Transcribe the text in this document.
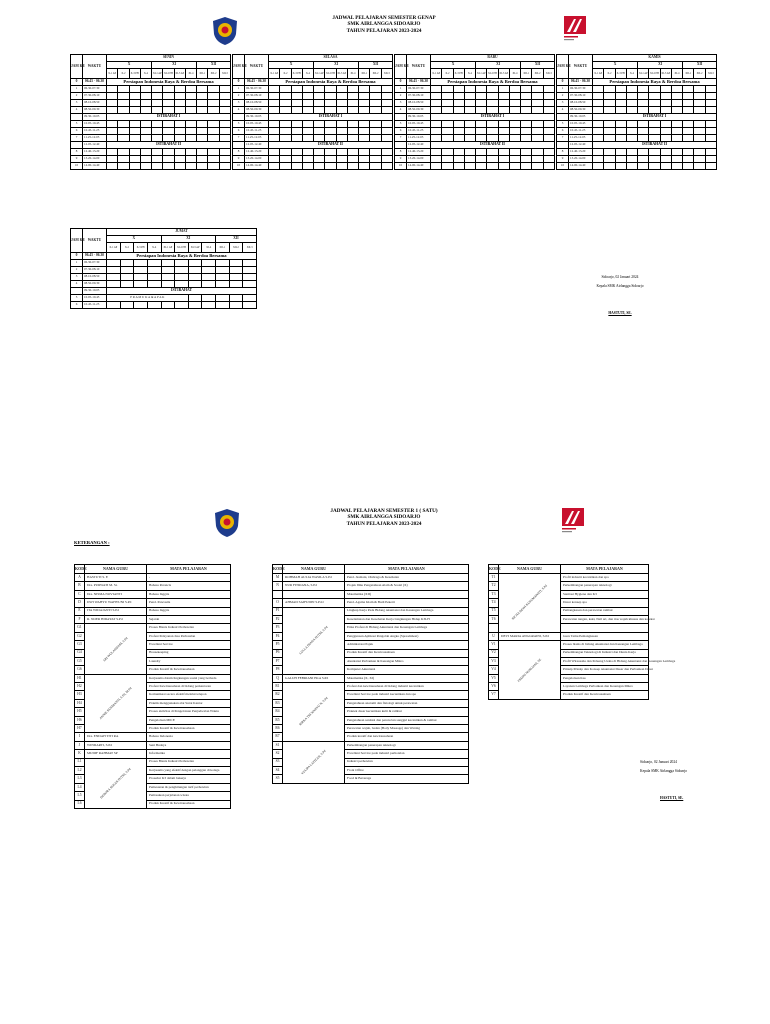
JADWAL PELAJARAN SEMESTER GENAP
SMK AIRLANGGA SIDOARJO
TAHUN PELAJARAN 2023-2024
JAM KE	WAKTU	SENIN										
		X				XI				XII		
		X-1 AP	X-2	X-3 PH	X-4	XI-1 AP	XI-2 PH	XI-3 AP	XI-4	XII-1	XII-2	XII-3

0	06.45 - 06.30	Persiapan Indonesia Raya & Berdoa Bersama										
1	06.30-07.30											
2	07.30-08.10											
3	08.10-08.50											
4	08.50-09.30											
	09.30-10.05	ISTIRAHAT I										
5	10.05-10.45											
6	10.45-11.25											
7	11.25-12.05											
	12.05-12.40	ISTIRAHAT II										
8	12.40-13.20											
9	13.20-14.00											
10	14.00-14.40											
JAM KE	WAKTU	SELASA										
		X				XI				XII		
		X-1 AP	X-2	X-3 PH	X-4	XI-1 AP	XI-2 PH	XI-3 AP	XI-4	XII-1	XII-2	XII-3

0	06.45 - 06.30	Persiapan Indonesia Raya & Berdoa Bersama										
1	06.30-07.30											
2	07.30-08.10											
3	08.10-08.50											
4	08.50-09.30											
	09.30-10.05	ISTIRAHAT I										
5	10.05-10.45											
6	10.45-11.25											
7	11.25-12.05											
	12.05-12.40	ISTIRAHAT II										
8	12.40-13.20											
9	13.20-14.00											
10	14.00-14.40											
JAM KE	WAKTU	RABU										
		X				XI				XII		
		X-1 AP	X-2	X-3 PH	X-4	XI-1 AP	XI-2 PH	XI-3 AP	XI-4	XII-1	XII-2	XII-3

0	06.45 - 06.30	Persiapan Indonesia Raya & Berdoa Bersama										
1	06.30-07.30											
2	07.30-08.10											
3	08.10-08.50											
4	08.50-09.30											
	09.30-10.05	ISTIRAHAT I										
5	10.05-10.45											
6	10.45-11.25											
7	11.25-12.05											
	12.05-12.40	ISTIRAHAT II										
8	12.40-13.20											
9	13.20-14.00											
10	14.00-14.40											
JAM KE	WAKTU	KAMIS										
		X				XI				XII		
		X-1 AP	X-2	X-3 PH	X-4	XI-1 AP	XI-2 PH	XI-3 AP	XI-4	XII-1	XII-2	XII-3

0	06.45 - 06.30	Persiapan Indonesia Raya & Berdoa Bersama										
1	06.30-07.30											
2	07.30-08.10											
3	08.10-08.50											
4	08.50-09.30											
	09.30-10.05	ISTIRAHAT I										
5	10.05-10.45											
6	10.45-11.25											
7	11.25-12.05											
	12.05-12.40	ISTIRAHAT II										
8	12.40-13.20											
9	13.20-14.00											
10	14.00-14.40											
JAM KE	WAKTU	JUMAT										
		X				XI				XII		
		X-1 AP	X-2	X-3 PH	X-4	XI-1 AP	XI-2 PH	XI-3 AP	XI-4	XII-1	XII-2	XII-3
0	06.45 - 06.30	Persiapan Indonesia Raya & Berdoa Bersama										
1	06.30-07.30											
2	07.30-08.10											
3	08.10-08.50											
4	08.50-09.30											
	09.30-10.05	ISTIRAHAT										
5	10.05-10.45	P R A M U K A & A P A K										
6	10.45-11.25											
Sidoarjo, 02 Januari 2024
Kepala SMK Airlangga Sidoarjo
HASTUTI, SE.
JADWAL PELAJARAN SEMESTER 1 ( SATU)
SMK AIRLANGGA SIDOARJO
TAHUN PELAJARAN 2023-2024
KETERANGAN :
KODE	NAMA GURU	MATA PELAJARAN
A	HASTUTI S. E	-
B	Dra. PURWATI M. Si.	Bahasa Perancis
C	Dra. NISMA NOVIANTI	Bahasa Inggris
D	DWI WAHYU WAHYUNI S.Pd	Pend. Pancasila
E	ITA WIDAJANTI S.Pd	Bahasa Inggris
F	R. NOER HIDAYAT S.Pd	Sejarah
G1	SRI WULANDARI, S.Pd	Proses Bisnis Industri Perhotelan
G2		Profesi Pelayanan Jasa Perhotelan
G3		Excellent Service
G4		Housekeeping
G5		Laundry
G6		Produk Kreatif & Kewirausahaan
H1	ANNIE RUSDIANTI, S.Pd, M.Pd	Kerjasama dalam lingkungan sosial yang berbeda
H2		Profesi Kewirausahaan di bidang perkantoran
H3		Komunikasi secara efektif melalui telepon
H4		Praktik menggunakan alat Surat Kantor
H5		Proses aktivitas di Pengelolaan Penjadwalan Waktu
H6		Pengelolaan MICE
H7		Produk Kreatif & Kewirausahaan
I	Dra. ENDAH TITI RA	Bahasa Indonesia
J	WINDARTI, S.Pd	Seni Budaya
K	MUDIF RAHMAT SP	Informatika
L1	DEBORA SEKAR PUTRI, S.Pd	Proses Bisnis Industri Perhotelan
L2		Kerjasama yang efektif dengan pelanggan di kolega
L3		Prosedur K3 dalam bekerja
L4		Pemesanan & penghitungan tarif perhotelan
L5		Pemasukan perjalanan wisata
L6		Produk Kreatif & Kewirausahaan
KODE	NAMA GURU	MATA PELAJARAN
M	ROHMAH AULIA WASILA S.Pd	Pend. Jasmani, Olahraga & Kesehatan
N	NUR FITRIANA, S.Pd	Projek Ilmu Pengetahuan Alam & Sosial (X)
		Matematika (XII)
O	AHMAD SAIFUDIN S.Pd.I	Pend. Agama Islam & Budi Pekerti
P1	LULLA DIANA PUTRI, S.Pd	Lingkup Kerja Pada Bidang Akuntansi dan Keuangan Lembaga
P2		Keselamatan dan Kesehatan Kerja Lingkungan Hidup K3LH
P3		Etika Profesi di Bidang Akuntansi dan Keuangan Lembaga
P4		Penggunaan Aplikasi Pengolah Angka (Spreadsheet)
P5		Administrasi Pajak
P6		Produk Kreatif dan Kewirausahaan
P7		Akuntansi Perbankan & Keuangan Mikro
P8		Komputer Akuntansi
Q	GALUH FEBRIANI EKA S.Pd	Matematika (X, XI)
R1	RIRKA TRI WAHYU N, S.Pd	Profesi dan kewirausahaan di bidang industri kecantikan
R2		Excellent Service pada industri kecantikan dan spa
R3		Pengetahuan anatomi dan fisiologi untuk perawatan
R4		Praktek dasar kecantikan kulit & rambut
R5		Pengetahuan sanitasi dan pencucian sanggul kecantikan & rambut
R6		Perawatan wajah, badan (Body Massage) dan Waxing
R7		Produk kreatif dan kewirausahaan
S1	YULIPA LAZIZAH, S.Pd	Perkembangan penerapan teknologi
S2		Excellent Service pada industri perhotelan
S3		Industri perhotelan
S4		Front Office
S5		Food & Beverage
KODE	NAMA GURU	MATA PELAJARAN
T1	RICHA DEWI KUSUMAWATI, S.Pd	Profil industri kecantikan dan spa
T2		Perkembangan penerapan teknologi
T3		Sanitasi Hygiene dan K3
T4		Dasar konsep spa
T5		Pemangkasan dan perawatan rambut
T6		Perawatan tangan, kaki, Nail art, dan rias wajah khusus dan koreksi

U	DEVI MARIA ANGGRAINI, S.Pd	Guru Tamu Pemangkasan
V1	FRIZKI NURLIANI, SE	Proses bisnis di bidang Akuntansi dan Keuangan Lembaga
V2		Perkembangan Teknologi di Industri dan Dunia Kerja
V3		Profil Wirausaha dan Peluang Usaha di Bidang Akuntansi dan Keuangan Lembaga
V4		Prinsip Prinsip dan Konsep Akuntansi Dasar dan Perbankan Dasar
V5		Pengelolaan Kas
V6		Layanan Lembaga Perbankan dan Keuangan Mikro
V7		Produk Kreatif dan Kewirausahaan
Sidoarjo, 02 Januari 2024
Kepala SMK Airlangga Sidoarjo
HASTUTI, SE.
